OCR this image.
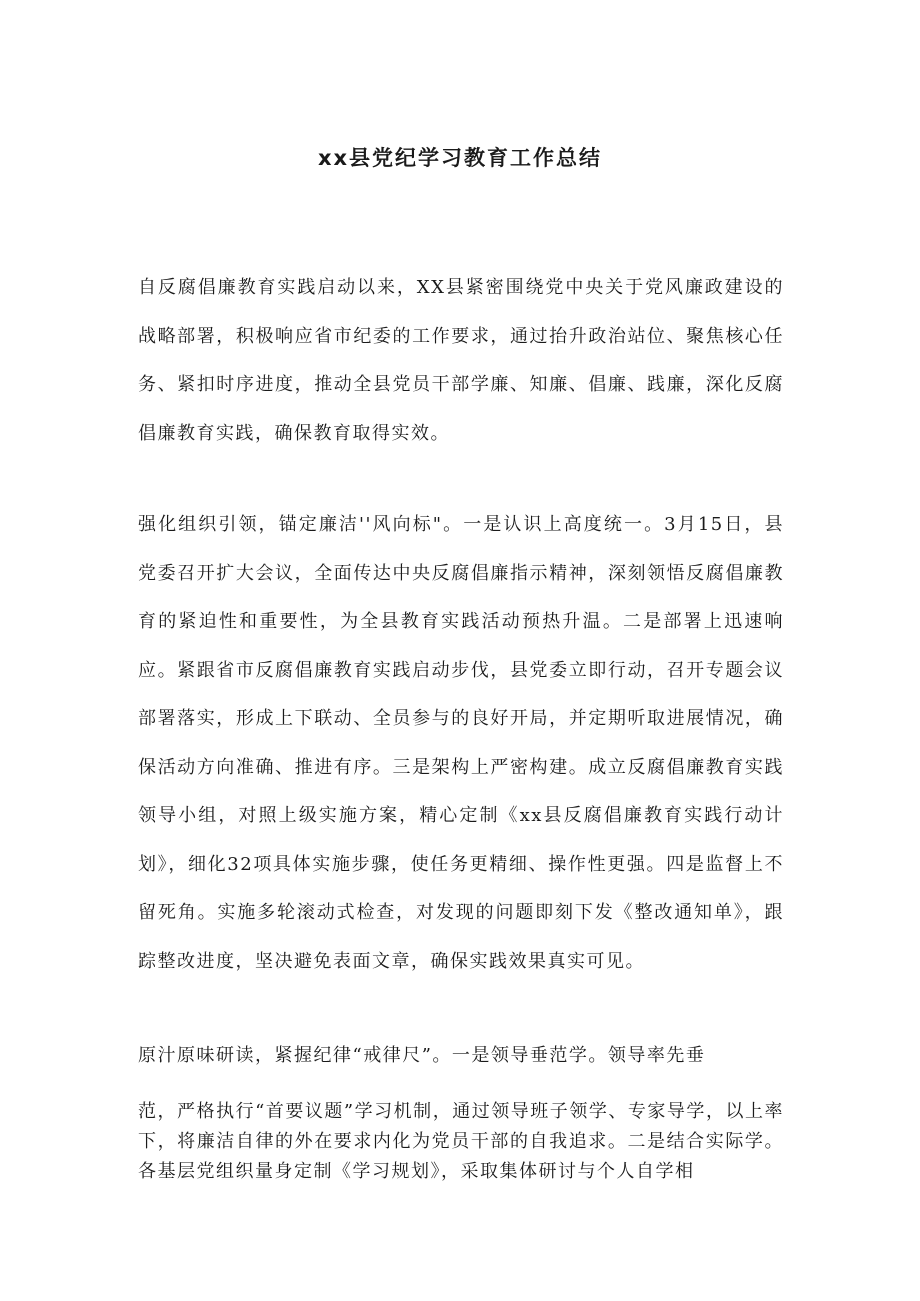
xx县党纪学习教育工作总结
自反腐倡廉教育实践启动以来，XX县紧密围绕党中央关于党风廉政建设的战略部署，积极响应省市纪委的工作要求，通过抬升政治站位、聚焦核心任务、紧扣时序进度，推动全县党员干部学廉、知廉、倡廉、践廉，深化反腐倡廉教育实践，确保教育取得实效。
强化组织引领，锚定廉洁''风向标"。一是认识上高度统一。3月15日，县党委召开扩大会议，全面传达中央反腐倡廉指示精神，深刻领悟反腐倡廉教育的紧迫性和重要性，为全县教育实践活动预热升温。二是部署上迅速响应。紧跟省市反腐倡廉教育实践启动步伐，县党委立即行动，召开专题会议部署落实，形成上下联动、全员参与的良好开局，并定期听取进展情况，确保活动方向准确、推进有序。三是架构上严密构建。成立反腐倡廉教育实践领导小组，对照上级实施方案，精心定制《xx县反腐倡廉教育实践行动计划》，细化32项具体实施步骤，使任务更精细、操作性更强。四是监督上不留死角。实施多轮滚动式检查，对发现的问题即刻下发《整改通知单》，跟踪整改进度，坚决避免表面文章，确保实践效果真实可见。
原汁原味研读，紧握纪律“戒律尺”。一是领导垂范学。领导率先垂
范，严格执行“首要议题”学习机制，通过领导班子领学、专家导学，以上率下，将廉洁自律的外在要求内化为党员干部的自我追求。二是结合实际学。各基层党组织量身定制《学习规划》，采取集体研讨与个人自学相
